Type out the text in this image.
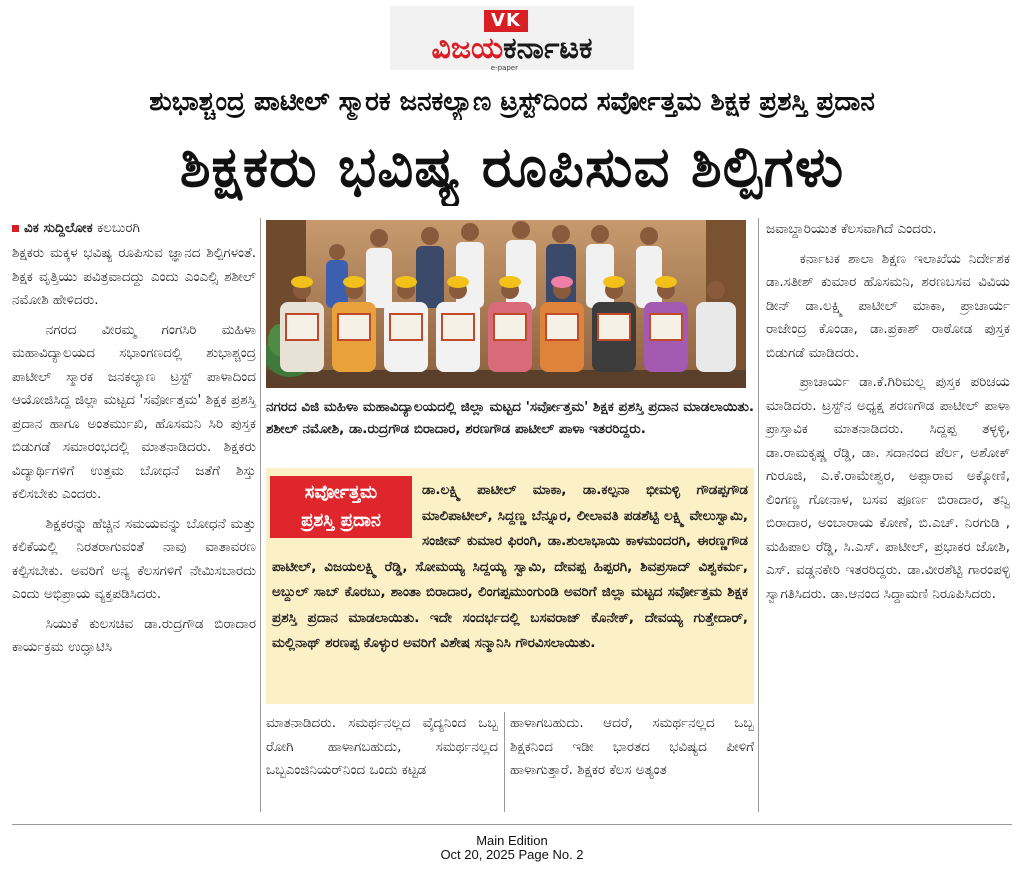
VK
ವಿಜಯಕರ್ನಾಟಕ
e-paper
ಶುಭಾಶ್ಚಂದ್ರ ಪಾಟೀಲ್ ಸ್ಮಾರಕ ಜನಕಲ್ಯಾಣ ಟ್ರಸ್ಟ್‌ದಿಂದ ಸರ್ವೋತ್ತಮ ಶಿಕ್ಷಕ ಪ್ರಶಸ್ತಿ ಪ್ರದಾನ
ಶಿಕ್ಷಕರು ಭವಿಷ್ಯ ರೂಪಿಸುವ ಶಿಲ್ಪಿಗಳು
ವಿಕ ಸುದ್ದಿಲೋಕ ಕಲಬುರಗಿ

ಶಿಕ್ಷಕರು ಮಕ್ಕಳ ಭವಿಷ್ಯ ರೂಪಿಸುವ ಜ್ಞಾನದ ಶಿಲ್ಪಿಗಳಂತೆ. ಶಿಕ್ಷಕ ವೃತ್ತಿಯು ಪವಿತ್ರವಾದದ್ದು ಎಂದು ಎಂಎಲ್ಸಿ ಶಶೀಲ್ ನಮೋಶಿ ಹೇಳಿದರು.

ನಗರದ ವೀರಮ್ಮ ಗಂಗಸಿರಿ ಮಹಿಳಾ ಮಹಾವಿದ್ಯಾಲಯದ ಸಭಾಂಗಣದಲ್ಲಿ ಶುಭಾಶ್ಚಂದ್ರ ಪಾಟೀಲ್ ಸ್ಮಾರಕ ಜನಕಲ್ಯಾಣ ಟ್ರಸ್ಟ್ ಪಾಳಾದಿಂದ ಆಯೋಜಿಸಿದ್ದ ಜಿಲ್ಲಾ ಮಟ್ಟದ 'ಸರ್ವೋತ್ತಮ' ಶಿಕ್ಷಕ ಪ್ರಶಸ್ತಿ ಪ್ರದಾನ ಹಾಗೂ ಅಂತರ್ಮುಖಿ, ಹೊಸಮನಿ ಸಿರಿ ಪುಸ್ತಕ ಬಿಡುಗಡೆ ಸಮಾರಂಭದಲ್ಲಿ ಮಾತನಾಡಿದರು. ಶಿಕ್ಷಕರು ವಿದ್ಯಾರ್ಥಿಗಳಿಗೆ ಉತ್ತಮ ಬೋಧನೆ ಜತೆಗೆ ಶಿಸ್ತು ಕಲಿಸಬೇಕು ಎಂದರು.

ಶಿಕ್ಷಕರನ್ನು ಹೆಚ್ಚಿನ ಸಮಯವನ್ನು ಬೋಧನೆ ಮತ್ತು ಕಲಿಕೆಯಲ್ಲಿ ನಿರತರಾಗುವಂತೆ ನಾವು ವಾತಾವರಣ ಕಲ್ಪಿಸಬೇಕು. ಅವರಿಗೆ ಅನ್ಯ ಕೆಲಸಗಳಿಗೆ ನೇಮಿಸಬಾರದು ಎಂದು ಅಭಿಪ್ರಾಯ ವ್ಯಕ್ತಪಡಿಸಿದರು.

ಸಿಯುಕೆ ಕುಲಸಚಿವ ಡಾ.ರುದ್ರಗೌಡ ಬಿರಾದಾರ ಕಾರ್ಯಕ್ರಮ ಉದ್ಘಾಟಿಸಿ

ನಗರದ ವಿಜಿ ಮಹಿಳಾ ಮಹಾವಿದ್ಯಾಲಯದಲ್ಲಿ ಜಿಲ್ಲಾ ಮಟ್ಟದ 'ಸರ್ವೋತ್ತಮ' ಶಿಕ್ಷಕ ಪ್ರಶಸ್ತಿ ಪ್ರದಾನ ಮಾಡಲಾಯಿತು. ಶಶೀಲ್ ನಮೋಶಿ, ಡಾ.ರುದ್ರಗೌಡ ಬಿರಾದಾರ, ಶರಣಗೌಡ ಪಾಟೀಲ್ ಪಾಳಾ ಇತರರಿದ್ದರು.
ಡಾ.ಲಕ್ಷ್ಮಿ ಪಾಟೀಲ್ ಮಾಕಾ, ಡಾ.ಕಲ್ಪನಾ ಭೀಮಳ್ಳಿ ಗೌಡಪ್ಪಗೌಡ ಮಾಲಿಪಾಟೀಲ್, ಸಿದ್ದಣ್ಣ ಬೆನ್ನೂರ, ಲೀಲಾವತಿ ಪಡಶೆಟ್ಟಿ ಲಕ್ಷ್ಮಿ ವೇಲುಸ್ವಾಮಿ, ಸಂಜೀವ್ ಕುಮಾರ ಫಿರಂಗಿ, ಡಾ.ಶುಲಾಭಾಯಿ ಕಾಳಮಂದರಗಿ, ಈರಣ್ಣಗೌಡ ಪಾಟೀಲ್, ವಿಜಯಲಕ್ಷ್ಮಿ ರೆಡ್ಡಿ, ಸೋಮಯ್ಯ ಸಿದ್ದಯ್ಯ ಸ್ವಾಮಿ, ದೇವಪ್ಪ ಹಿಪ್ಪರಗಿ, ಶಿವಪ್ರಸಾದ್ ವಿಶ್ವಕರ್ಮ, ಅಬ್ದುಲ್ ಸಾಬ್ ಕೊರಬು, ಶಾಂತಾ ಬಿರಾದಾರ, ಲಿಂಗಪ್ಪಮುಂಗುಂಡಿ ಅವರಿಗೆ ಜಿಲ್ಲಾ ಮಟ್ಟದ ಸರ್ವೋತ್ತಮ ಶಿಕ್ಷಕ ಪ್ರಶಸ್ತಿ ಪ್ರದಾನ ಮಾಡಲಾಯಿತು. ಇದೇ ಸಂದರ್ಭದಲ್ಲಿ ಬಸವರಾಜ್ ಕೊನೇಕ್, ದೇವಯ್ಯ ಗುತ್ತೇದಾರ್, ಮಲ್ಲಿನಾಥ್ ಶರಣಪ್ಪ ಕೊಳ್ಳುರ ಅವರಿಗೆ ವಿಶೇಷ ಸನ್ಮಾನಿಸಿ ಗೌರವಿಸಲಾಯಿತು.
ಸರ್ವೋತ್ತಮ
ಪ್ರಶಸ್ತಿ ಪ್ರದಾನ

ಮಾತನಾಡಿದರು. ಸಮರ್ಥನಲ್ಲದ ವೈದ್ಯನಿಂದ ಒಬ್ಬ ರೋಗಿ ಹಾಳಾಗಬಹುದು, ಸಮರ್ಥನಲ್ಲದ ಒಬ್ಬಎಂಜಿನಿಯರ್‌ನಿಂದ ಒಂದು ಕಟ್ಟಡ

ಹಾಳಾಗಬಹುದು. ಆದರೆ, ಸಮರ್ಥನಲ್ಲದ ಒಬ್ಬ ಶಿಕ್ಷಕನಿಂದ ಇಡೀ ಭಾರತದ ಭವಿಷ್ಯದ ಪೀಳಿಗೆ ಹಾಳಾಗುತ್ತಾರೆ. ಶಿಕ್ಷಕರ ಕೆಲಸ ಅತ್ಯಂತ

ಜವಾಬ್ದಾರಿಯುತ ಕೆಲಸವಾಗಿದೆ ಎಂದರು.

ಕರ್ನಾಟಕ ಶಾಲಾ ಶಿಕ್ಷಣ ಇಲಾಖೆಯ ನಿರ್ದೇಶಕ ಡಾ.ಸತೀಶ್ ಕುಮಾರ ಹೊಸಮನಿ, ಶರಣಬಸವ ವಿವಿಯ ಡೀನ್ ಡಾ.ಲಕ್ಷ್ಮಿ ಪಾಟೀಲ್ ಮಾಕಾ, ಪ್ರಾಚಾರ್ಯ ರಾಜೇಂದ್ರ ಕೊಂಡಾ, ಡಾ.ಪ್ರಕಾಶ್ ರಾಠೋಡ ಪುಸ್ತಕ ಬಿಡುಗಡೆ ಮಾಡಿದರು.

ಪ್ರಾಚಾರ್ಯ ಡಾ.ಕೆ.ಗಿರಿಮಲ್ಲ ಪುಸ್ತಕ ಪರಿಚಯ ಮಾಡಿದರು. ಟ್ರಸ್ಟ್‌ನ ಅಧ್ಯಕ್ಷ ಶರಣಗೌಡ ಪಾಟೀಲ್ ಪಾಳಾ ಪ್ರಾಸ್ತಾವಿಕ ಮಾತನಾಡಿದರು. ಸಿದ್ದಪ್ಪ ತಳ್ಳಳ್ಳಿ, ಡಾ.ರಾಮಕೃಷ್ಣ ರೆಡ್ಡಿ, ಡಾ. ಸದಾನಂದ ಪೆರ್ಲ, ಅಶೋಕ್ ಗುರೂಜಿ, ಎ.ಕೆ.ರಾಮೇಶ್ವರ, ಅಪ್ಪಾರಾವ ಅಕ್ಕೋಣಿ, ಲಿಂಗಣ್ಣ ಗೋನಾಳ, ಬಸವ ಪೂರ್ಣ ಬಿರಾದಾರ, ತನ್ವಿ ಬಿರಾದಾರ, ಅಂಬಾರಾಯ ಕೋಣೆ, ಬಿ.ಎಚ್. ನಿರಗುಡಿ , ಮಹಿಪಾಲ ರೆಡ್ಡಿ, ಸಿ.ಎಸ್. ಪಾಟೀಲ್, ಪ್ರಭಾಕರ ಜೋಶಿ, ಎಸ್. ವಡ್ಡನಕೇರಿ ಇತರರಿದ್ದರು. ಡಾ.ವೀರಶೆಟ್ಟಿ ಗಾರಂಪಳ್ಳಿ ಸ್ವಾಗತಿಸಿದರು. ಡಾ.ಆನಂದ ಸಿದ್ದಾಮಣಿ ನಿರೂಪಿಸಿದರು.

Main Edition
Oct 20, 2025 Page No. 2
